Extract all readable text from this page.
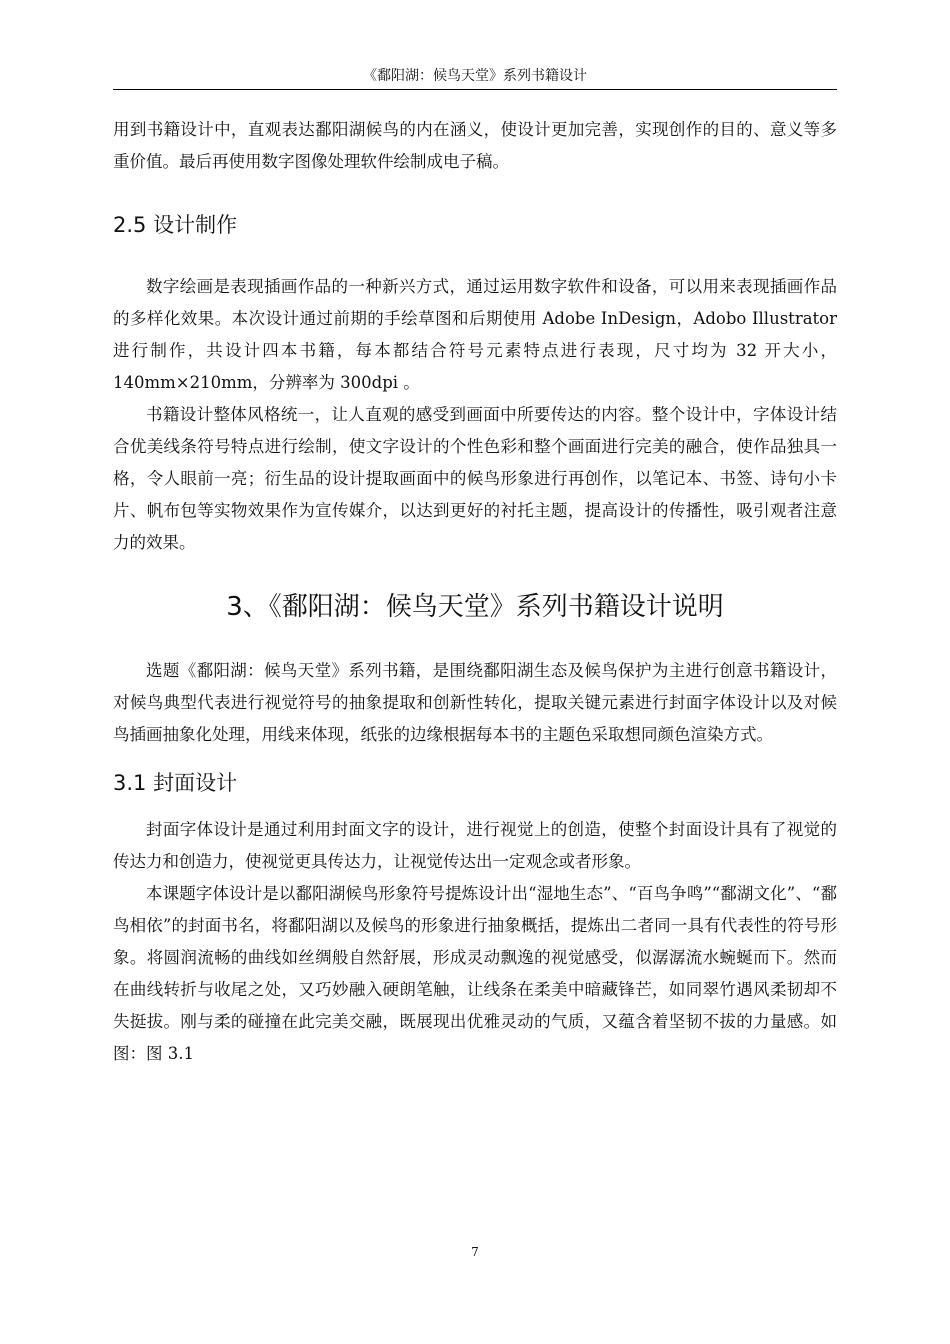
《鄱阳湖：候鸟天堂》系列书籍设计

用到书籍设计中，直观表达鄱阳湖候鸟的内在涵义，使设计更加完善，实现创作的目的、意义等多重价值。最后再使用数字图像处理软件绘制成电子稿。

2.5 设计制作

数字绘画是表现插画作品的一种新兴方式，通过运用数字软件和设备，可以用来表现插画作品的多样化效果。本次设计通过前期的手绘草图和后期使用 Adobe InDesign，Adobo Illustrator 进行制作，共设计四本书籍，每本都结合符号元素特点进行表现，尺寸均为 32 开大小，140mm×210mm，分辨率为 300dpi 。

书籍设计整体风格统一，让人直观的感受到画面中所要传达的内容。整个设计中，字体设计结合优美线条符号特点进行绘制，使文字设计的个性色彩和整个画面进行完美的融合，使作品独具一格，令人眼前一亮；衍生品的设计提取画面中的候鸟形象进行再创作，以笔记本、书签、诗句小卡片、帆布包等实物效果作为宣传媒介，以达到更好的衬托主题，提高设计的传播性，吸引观者注意力的效果。

3、《鄱阳湖：候鸟天堂》系列书籍设计说明

选题《鄱阳湖：候鸟天堂》系列书籍，是围绕鄱阳湖生态及候鸟保护为主进行创意书籍设计，对候鸟典型代表进行视觉符号的抽象提取和创新性转化，提取关键元素进行封面字体设计以及对候鸟插画抽象化处理，用线来体现，纸张的边缘根据每本书的主题色采取想同颜色渲染方式。

3.1 封面设计

封面字体设计是通过利用封面文字的设计，进行视觉上的创造，使整个封面设计具有了视觉的传达力和创造力，使视觉更具传达力，让视觉传达出一定观念或者形象。

本课题字体设计是以鄱阳湖候鸟形象符号提炼设计出“湿地生态”、“百鸟争鸣”“鄱湖文化”、“鄱鸟相依”的封面书名，将鄱阳湖以及候鸟的形象进行抽象概括，提炼出二者同一具有代表性的符号形象。将圆润流畅的曲线如丝绸般自然舒展，形成灵动飘逸的视觉感受，似潺潺流水蜿蜒而下。然而在曲线转折与收尾之处，又巧妙融入硬朗笔触，让线条在柔美中暗藏锋芒，如同翠竹遇风柔韧却不失挺拔。刚与柔的碰撞在此完美交融，既展现出优雅灵动的气质，又蕴含着坚韧不拔的力量感。如图：图 3.1

7
